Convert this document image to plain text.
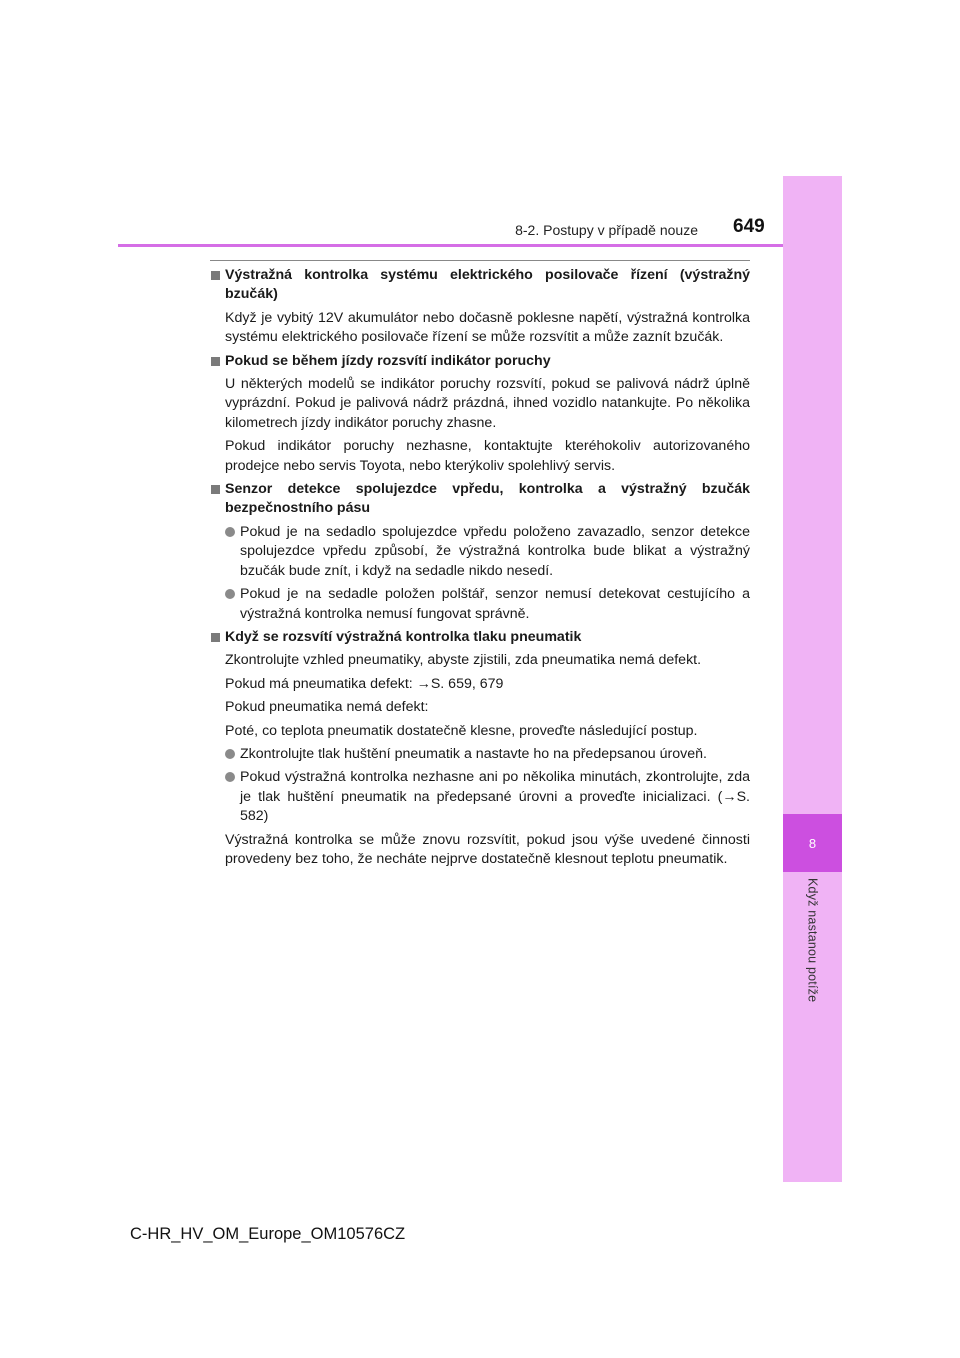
8
Když nastanou potíže
8-2. Postupy v případě nouze 649
Výstražná kontrolka systému elektrického posilovače řízení (výstražný bzučák)
Když je vybitý 12V akumulátor nebo dočasně poklesne napětí, výstražná kontrolka systému elektrického posilovače řízení se může rozsvítit a může zaznít bzučák.
Pokud se během jízdy rozsvítí indikátor poruchy
U některých modelů se indikátor poruchy rozsvítí, pokud se palivová nádrž úplně vyprázdní. Pokud je palivová nádrž prázdná, ihned vozidlo natankujte. Po několika kilometrech jízdy indikátor poruchy zhasne.
Pokud indikátor poruchy nezhasne, kontaktujte kteréhokoliv autorizovaného prodejce nebo servis Toyota, nebo kterýkoliv spolehlivý servis.
Senzor detekce spolujezdce vpředu, kontrolka a výstražný bzučák bezpečnostního pásu
Pokud je na sedadlo spolujezdce vpředu položeno zavazadlo, senzor detekce spolujezdce vpředu způsobí, že výstražná kontrolka bude blikat a výstražný bzučák bude znít, i když na sedadle nikdo nesedí.
Pokud je na sedadle položen polštář, senzor nemusí detekovat cestujícího a výstražná kontrolka nemusí fungovat správně.
Když se rozsvítí výstražná kontrolka tlaku pneumatik
Zkontrolujte vzhled pneumatiky, abyste zjistili, zda pneumatika nemá defekt.
Pokud má pneumatika defekt: →S. 659, 679
Pokud pneumatika nemá defekt:
Poté, co teplota pneumatik dostatečně klesne, proveďte následující postup.
Zkontrolujte tlak huštění pneumatik a nastavte ho na předepsanou úroveň.
Pokud výstražná kontrolka nezhasne ani po několika minutách, zkontrolujte, zda je tlak huštění pneumatik na předepsané úrovni a proveďte inicializaci. (→S. 582)
Výstražná kontrolka se může znovu rozsvítit, pokud jsou výše uvedené činnosti provedeny bez toho, že necháte nejprve dostatečně klesnout teplotu pneumatik.
C-HR_HV_OM_Europe_OM10576CZ
